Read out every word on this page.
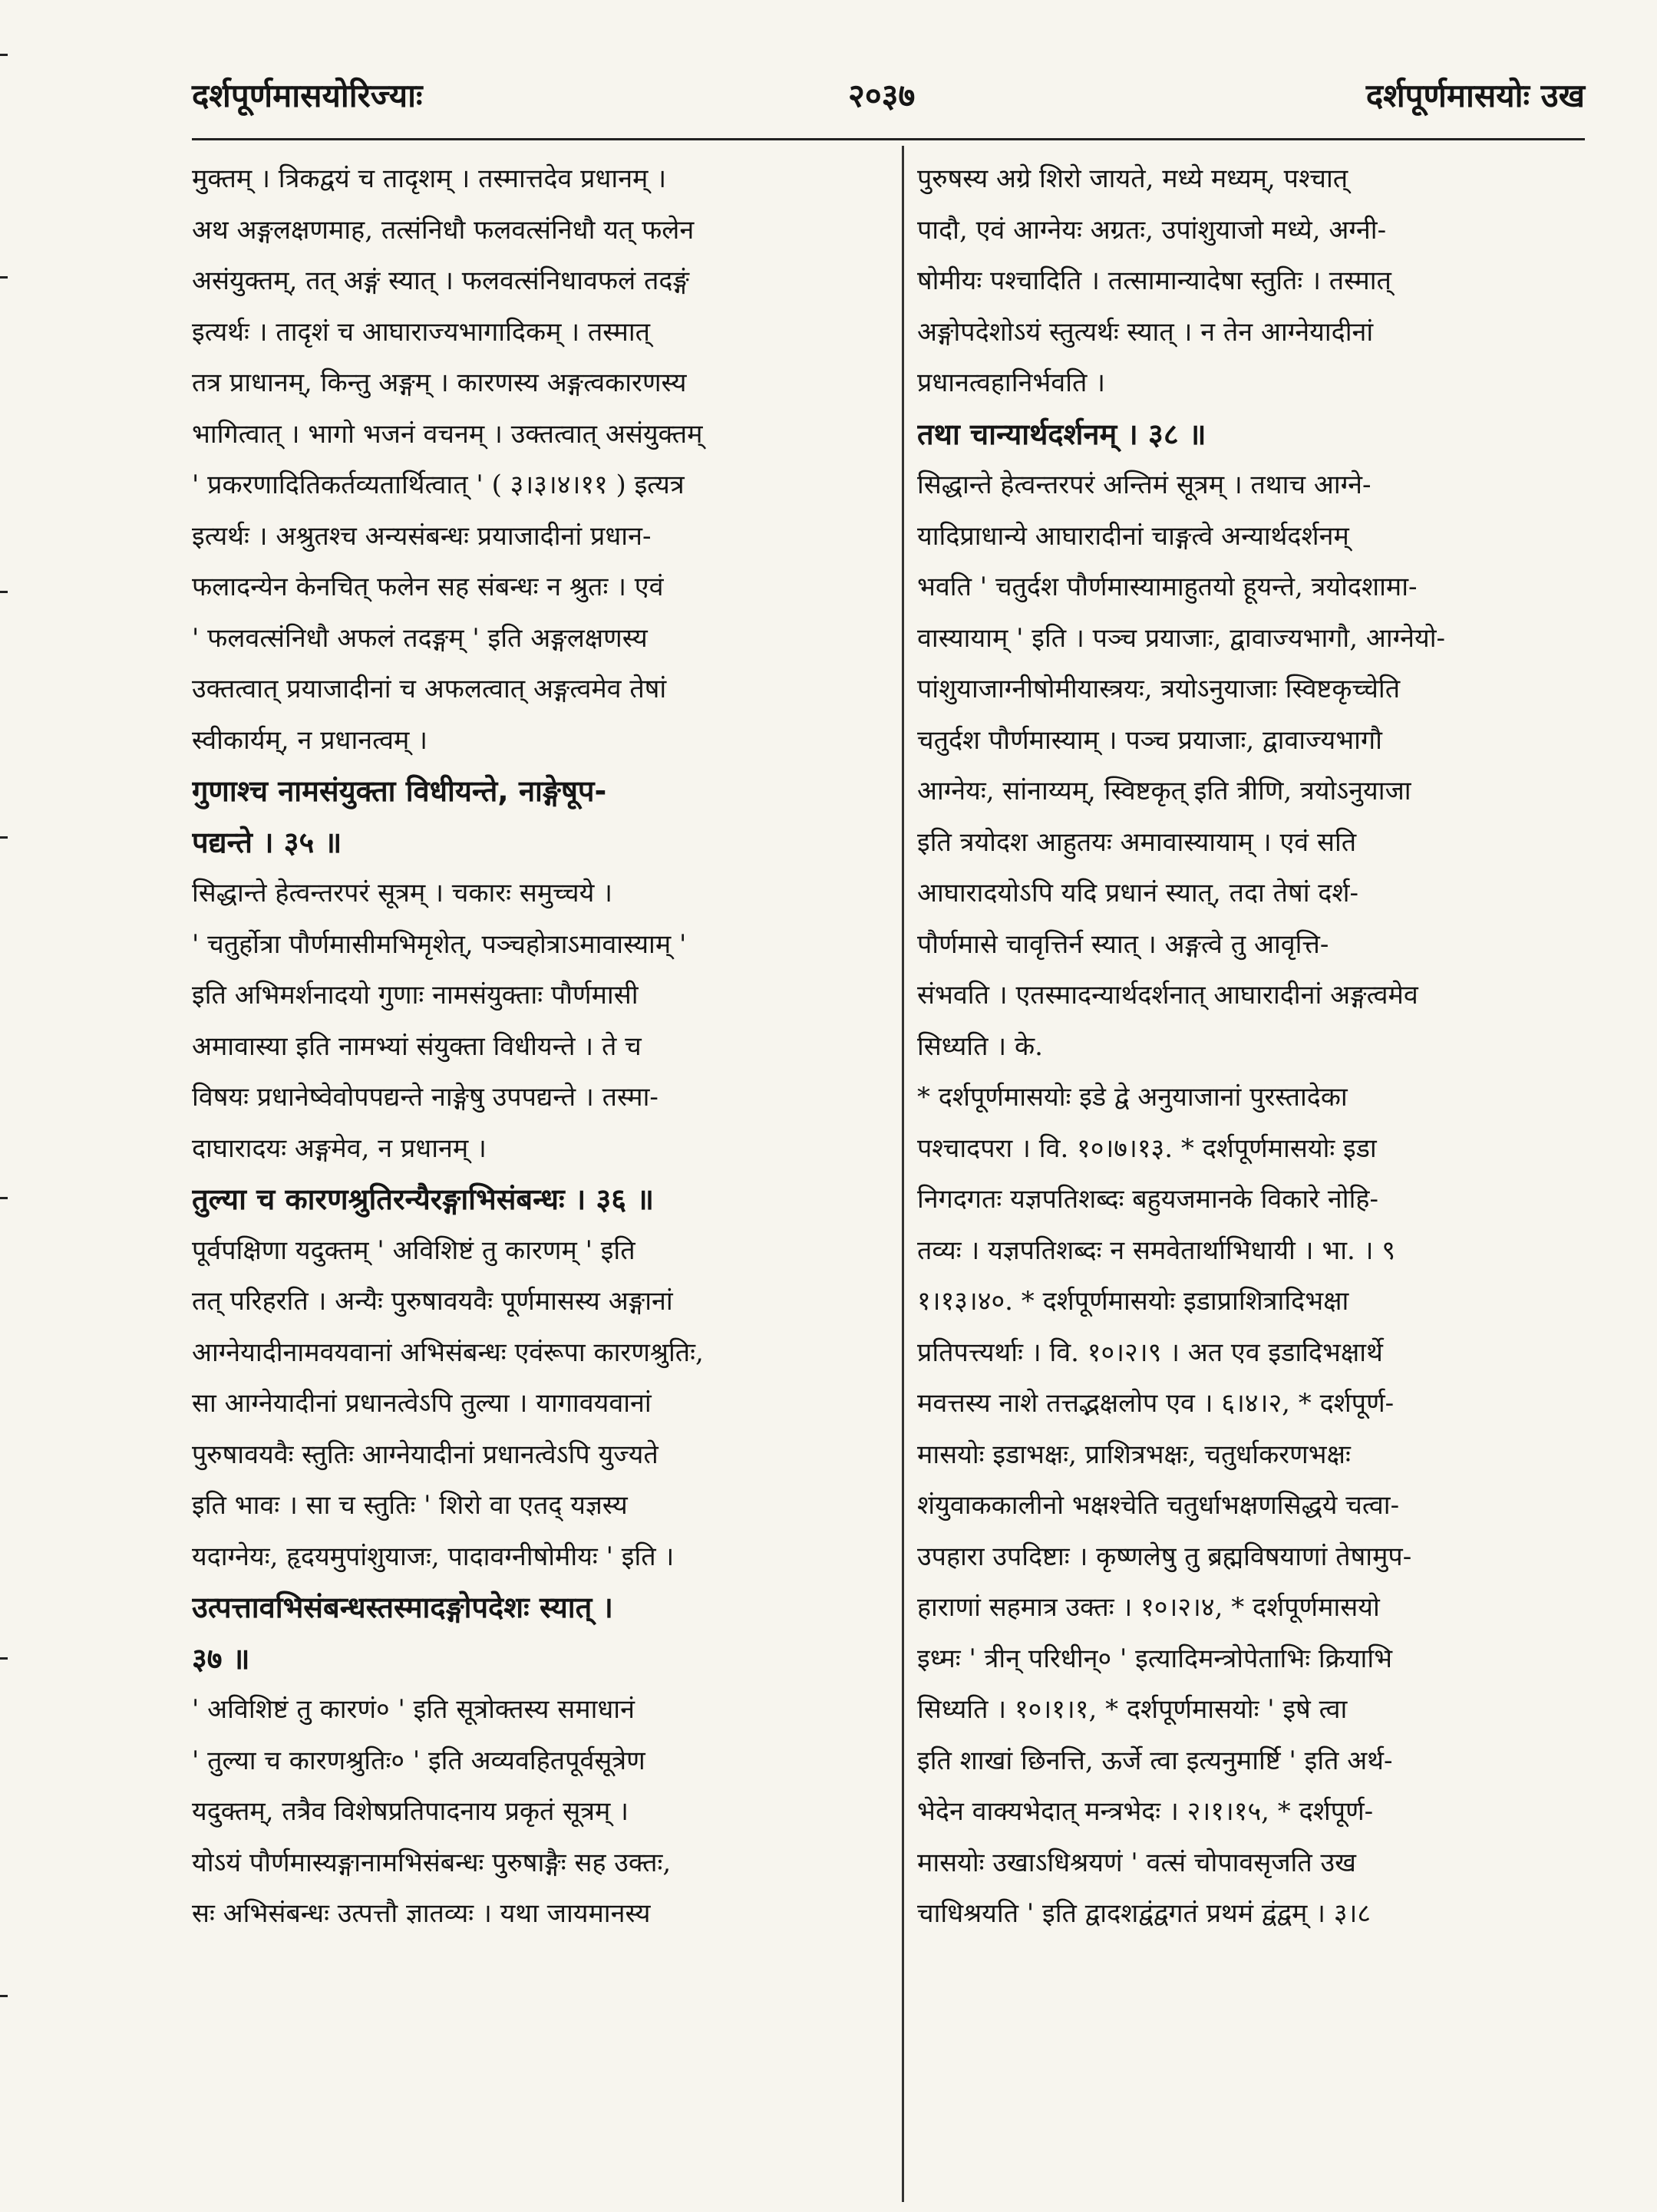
दर्शपूर्णमासयोरिज्याः	२०३७	दर्शपूर्णमासयोः उख
मुक्तम् । त्रिकद्वयं च तादृशम् । तस्मात्तदेव प्रधानम् ।
अथ अङ्गलक्षणमाह, तत्संनिधौ फलवत्संनिधौ यत् फलेन
असंयुक्तम्, तत् अङ्गं स्यात् । फलवत्संनिधावफलं तदङ्गं
इत्यर्थः । तादृशं च आघाराज्यभागादिकम् । तस्मात्
तत्र प्राधानम्, किन्तु अङ्गम् । कारणस्य अङ्गत्वकारणस्य
भागित्वात् । भागो भजनं वचनम् । उक्तत्वात् असंयुक्तम्
' प्रकरणादितिकर्तव्यतार्थित्वात् ' ( ३।३।४।११ ) इत्यत्र
इत्यर्थः । अश्रुतश्च अन्यसंबन्धः प्रयाजादीनां प्रधान-
फलादन्येन केनचित् फलेन सह संबन्धः न श्रुतः । एवं
' फलवत्संनिधौ अफलं तदङ्गम् ' इति अङ्गलक्षणस्य
उक्तत्वात् प्रयाजादीनां च अफलत्वात् अङ्गत्वमेव तेषां
स्वीकार्यम्, न प्रधानत्वम् ।
गुणाश्च नामसंयुक्ता विधीयन्ते, नाङ्गेषूप-
पद्यन्ते । ३५ ॥
सिद्धान्ते हेत्वन्तरपरं सूत्रम् । चकारः समुच्चये ।
' चतुर्होत्रा पौर्णमासीमभिमृशेत्, पञ्चहोत्राऽमावास्याम् '
इति अभिमर्शनादयो गुणाः नामसंयुक्ताः पौर्णमासी
अमावास्या इति नामभ्यां संयुक्ता विधीयन्ते । ते च
विषयः प्रधानेष्वेवोपपद्यन्ते नाङ्गेषु उपपद्यन्ते । तस्मा-
दाघारादयः अङ्गमेव, न प्रधानम् ।
तुल्या च कारणश्रुतिरन्यैरङ्गाभिसंबन्धः । ३६ ॥
पूर्वपक्षिणा यदुक्तम् ' अविशिष्टं तु कारणम् ' इति
तत् परिहरति । अन्यैः पुरुषावयवैः पूर्णमासस्य अङ्गानां
आग्नेयादीनामवयवानां अभिसंबन्धः एवंरूपा कारणश्रुतिः,
सा आग्नेयादीनां प्रधानत्वेऽपि तुल्या । यागावयवानां
पुरुषावयवैः स्तुतिः आग्नेयादीनां प्रधानत्वेऽपि युज्यते
इति भावः । सा च स्तुतिः ' शिरो वा एतद् यज्ञस्य
यदाग्नेयः, हृदयमुपांशुयाजः, पादावग्नीषोमीयः ' इति ।
उत्पत्तावभिसंबन्धस्तस्मादङ्गोपदेशः स्यात् ।
३७ ॥
' अविशिष्टं तु कारणं० ' इति सूत्रोक्तस्य समाधानं
' तुल्या च कारणश्रुतिः० ' इति अव्यवहितपूर्वसूत्रेण
यदुक्तम्, तत्रैव विशेषप्रतिपादनाय प्रकृतं सूत्रम् ।
योऽयं पौर्णमास्यङ्गानामभिसंबन्धः पुरुषाङ्गैः सह उक्तः,
सः अभिसंबन्धः उत्पत्तौ ज्ञातव्यः । यथा जायमानस्य
पुरुषस्य अग्रे शिरो जायते, मध्ये मध्यम्, पश्चात्
पादौ, एवं आग्नेयः अग्रतः, उपांशुयाजो मध्ये, अग्नी-
षोमीयः पश्चादिति । तत्सामान्यादेषा स्तुतिः । तस्मात्
अङ्गोपदेशोऽयं स्तुत्यर्थः स्यात् । न तेन आग्नेयादीनां
प्रधानत्वहानिर्भवति ।
तथा चान्यार्थदर्शनम् । ३८ ॥
सिद्धान्ते हेत्वन्तरपरं अन्तिमं सूत्रम् । तथाच आग्ने-
यादिप्राधान्ये आघारादीनां चाङ्गत्वे अन्यार्थदर्शनम्
भवति ' चतुर्दश पौर्णमास्यामाहुतयो हूयन्ते, त्रयोदशामा-
वास्यायाम् ' इति । पञ्च प्रयाजाः, द्वावाज्यभागौ, आग्नेयो-
पांशुयाजाग्नीषोमीयास्त्रयः, त्रयोऽनुयाजाः स्विष्टकृच्चेति
चतुर्दश पौर्णमास्याम् । पञ्च प्रयाजाः, द्वावाज्यभागौ
आग्नेयः, सांनाय्यम्, स्विष्टकृत् इति त्रीणि, त्रयोऽनुयाजा
इति त्रयोदश आहुतयः अमावास्यायाम् । एवं सति
आघारादयोऽपि यदि प्रधानं स्यात्, तदा तेषां दर्श-
पौर्णमासे चावृत्तिर्न स्यात् । अङ्गत्वे तु आवृत्ति-
संभवति । एतस्मादन्यार्थदर्शनात् आघारादीनां अङ्गत्वमेव
सिध्यति । के.
* दर्शपूर्णमासयोः इडे द्वे अनुयाजानां पुरस्तादेका
पश्चादपरा । वि. १०।७।१३. * दर्शपूर्णमासयोः इडा
निगदगतः यज्ञपतिशब्दः बहुयजमानके विकारे नोहि-
तव्यः । यज्ञपतिशब्दः न समवेतार्थाभिधायी । भा. । ९
१।१३।४०. * दर्शपूर्णमासयोः इडाप्राशित्रादिभक्षा
प्रतिपत्त्यर्थाः । वि. १०।२।९ । अत एव इडादिभक्षार्थे
मवत्तस्य नाशे तत्तद्भक्षलोप एव । ६।४।२, * दर्शपूर्ण-
मासयोः इडाभक्षः, प्राशित्रभक्षः, चतुर्धाकरणभक्षः
शंयुवाककालीनो भक्षश्चेति चतुर्धाभक्षणसिद्धये चत्वा-
उपहारा उपदिष्टाः । कृष्णलेषु तु ब्रह्मविषयाणां तेषामुप-
हाराणां सहमात्र उक्तः । १०।२।४, * दर्शपूर्णमासयो
इध्मः ' त्रीन् परिधीन्० ' इत्यादिमन्त्रोपेताभिः क्रियाभि
सिध्यति । १०।१।१, * दर्शपूर्णमासयोः ' इषे त्वा
इति शाखां छिनत्ति, ऊर्जे त्वा इत्यनुमार्ष्टि ' इति अर्थ-
भेदेन वाक्यभेदात् मन्त्रभेदः । २।१।१५, * दर्शपूर्ण-
मासयोः उखाऽधिश्रयणं ' वत्सं चोपावसृजति उख
चाधिश्रयति ' इति द्वादशद्वंद्वगतं प्रथमं द्वंद्वम् । ३।८
